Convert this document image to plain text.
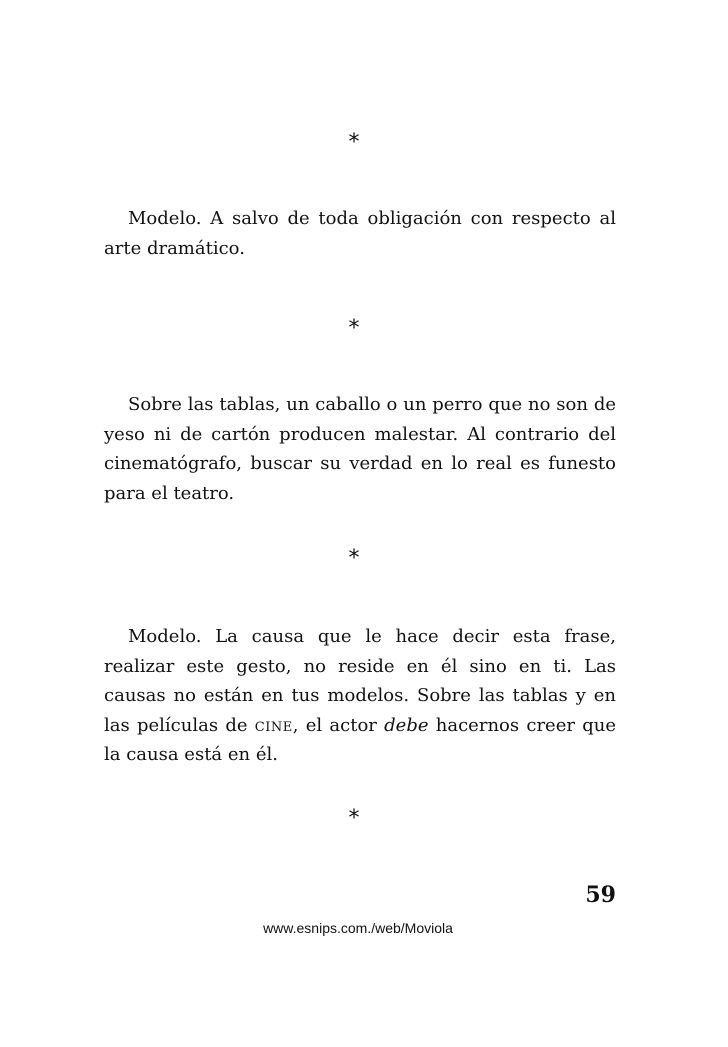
*

Modelo. A salvo de toda obligación con respecto al arte dramático.

*

Sobre las tablas, un caballo o un perro que no son de yeso ni de cartón producen malestar. Al contrario del cinematógrafo, buscar su verdad en lo real es funesto para el teatro.

*

Modelo. La causa que le hace decir esta frase, realizar este gesto, no reside en él sino en ti. Las causas no están en tus modelos. Sobre las tablas y en las películas de cine, el actor debe hacernos creer que la causa está en él.

*
59
www.esnips.com./web/Moviola
